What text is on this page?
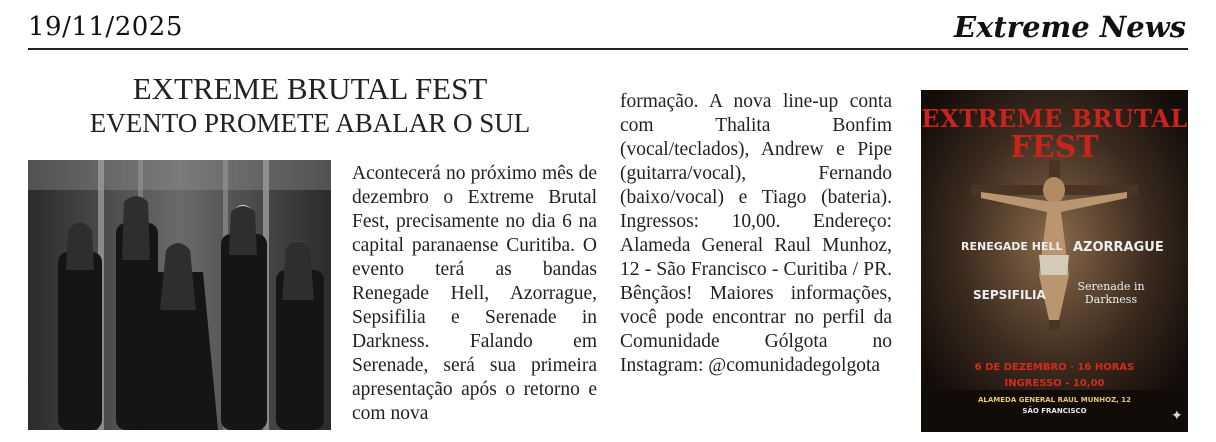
19/11/2025	Extreme News
EXTREME BRUTAL FEST
EVENTO PROMETE ABALAR O SUL
Acontecerá no próximo mês de dezembro o Extreme Brutal Fest, precisamente no dia 6 na capital paranaense Curitiba. O evento terá as bandas Renegade Hell, Azorrague, Sepsifilia e Serenade in Darkness. Falando em Serenade, será sua primeira apresentação após o retorno e com nova
formação. A nova line-up conta com Thalita Bonfim (vocal/teclados), Andrew e Pipe (guitarra/vocal), Fernando (baixo/vocal) e Tiago (bateria). Ingressos: 10,00. Endereço: Alameda General Raul Munhoz, 12 - São Francisco - Curitiba / PR. Bênçãos! Maiores informações, você pode encontrar no perfil da Comunidade Gólgota no Instagram: @comunidadegolgota
✦
EXTREME BRUTAL
FEST
RENEGADE HELL AZORRAGUE
SEPSIFILIA
Serenade in Darkness
6 DE DEZEMBRO · 16 HORAS
INGRESSO - 10,00
ALAMEDA GENERAL RAUL MUNHOZ, 12
SÃO FRANCISCO
